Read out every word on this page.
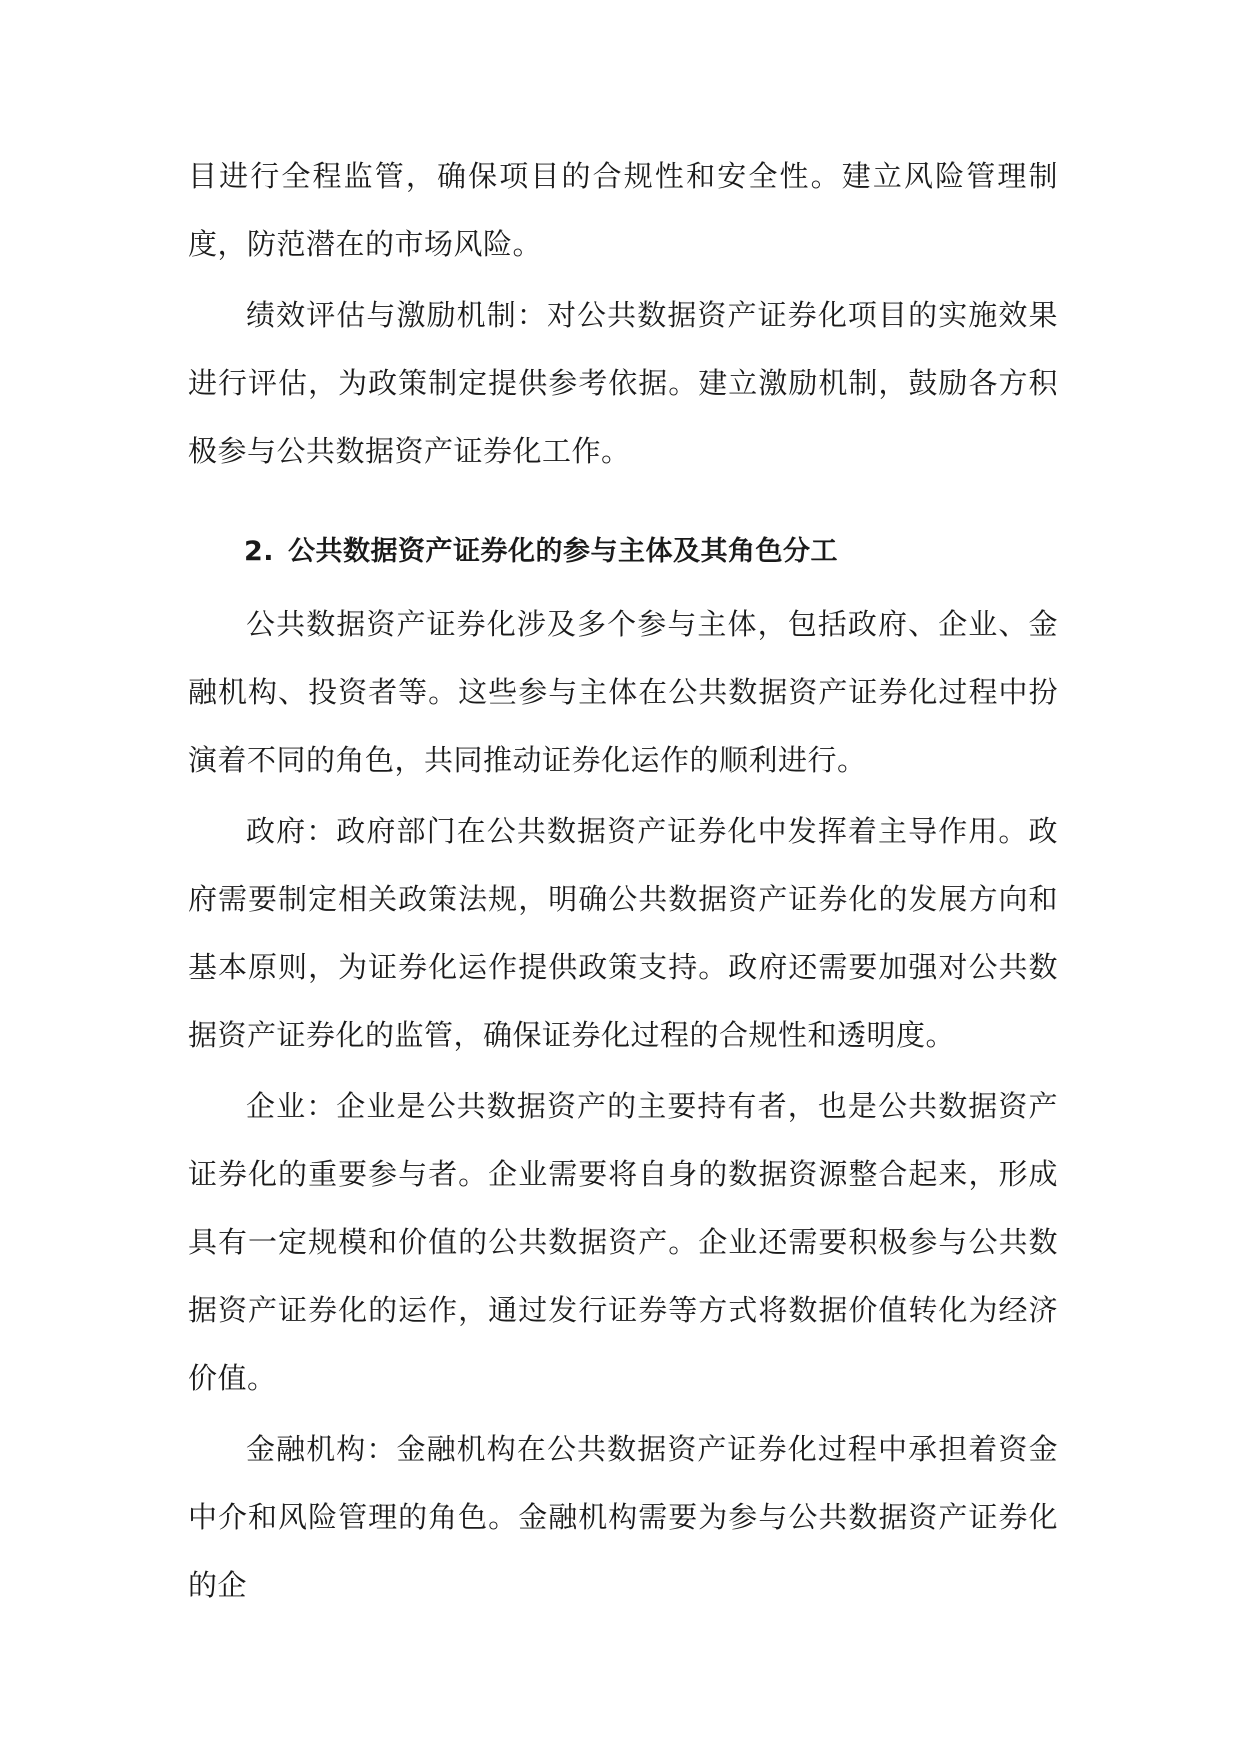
目进行全程监管，确保项目的合规性和安全性。建立风险管理制度，防范潜在的市场风险。

绩效评估与激励机制：对公共数据资产证券化项目的实施效果进行评估，为政策制定提供参考依据。建立激励机制，鼓励各方积极参与公共数据资产证券化工作。

2. 公共数据资产证券化的参与主体及其角色分工

公共数据资产证券化涉及多个参与主体，包括政府、企业、金融机构、投资者等。这些参与主体在公共数据资产证券化过程中扮演着不同的角色，共同推动证券化运作的顺利进行。

政府：政府部门在公共数据资产证券化中发挥着主导作用。政府需要制定相关政策法规，明确公共数据资产证券化的发展方向和基本原则，为证券化运作提供政策支持。政府还需要加强对公共数据资产证券化的监管，确保证券化过程的合规性和透明度。

企业：企业是公共数据资产的主要持有者，也是公共数据资产证券化的重要参与者。企业需要将自身的数据资源整合起来，形成具有一定规模和价值的公共数据资产。企业还需要积极参与公共数据资产证券化的运作，通过发行证券等方式将数据价值转化为经济价值。

金融机构：金融机构在公共数据资产证券化过程中承担着资金中介和风险管理的角色。金融机构需要为参与公共数据资产证券化的企
